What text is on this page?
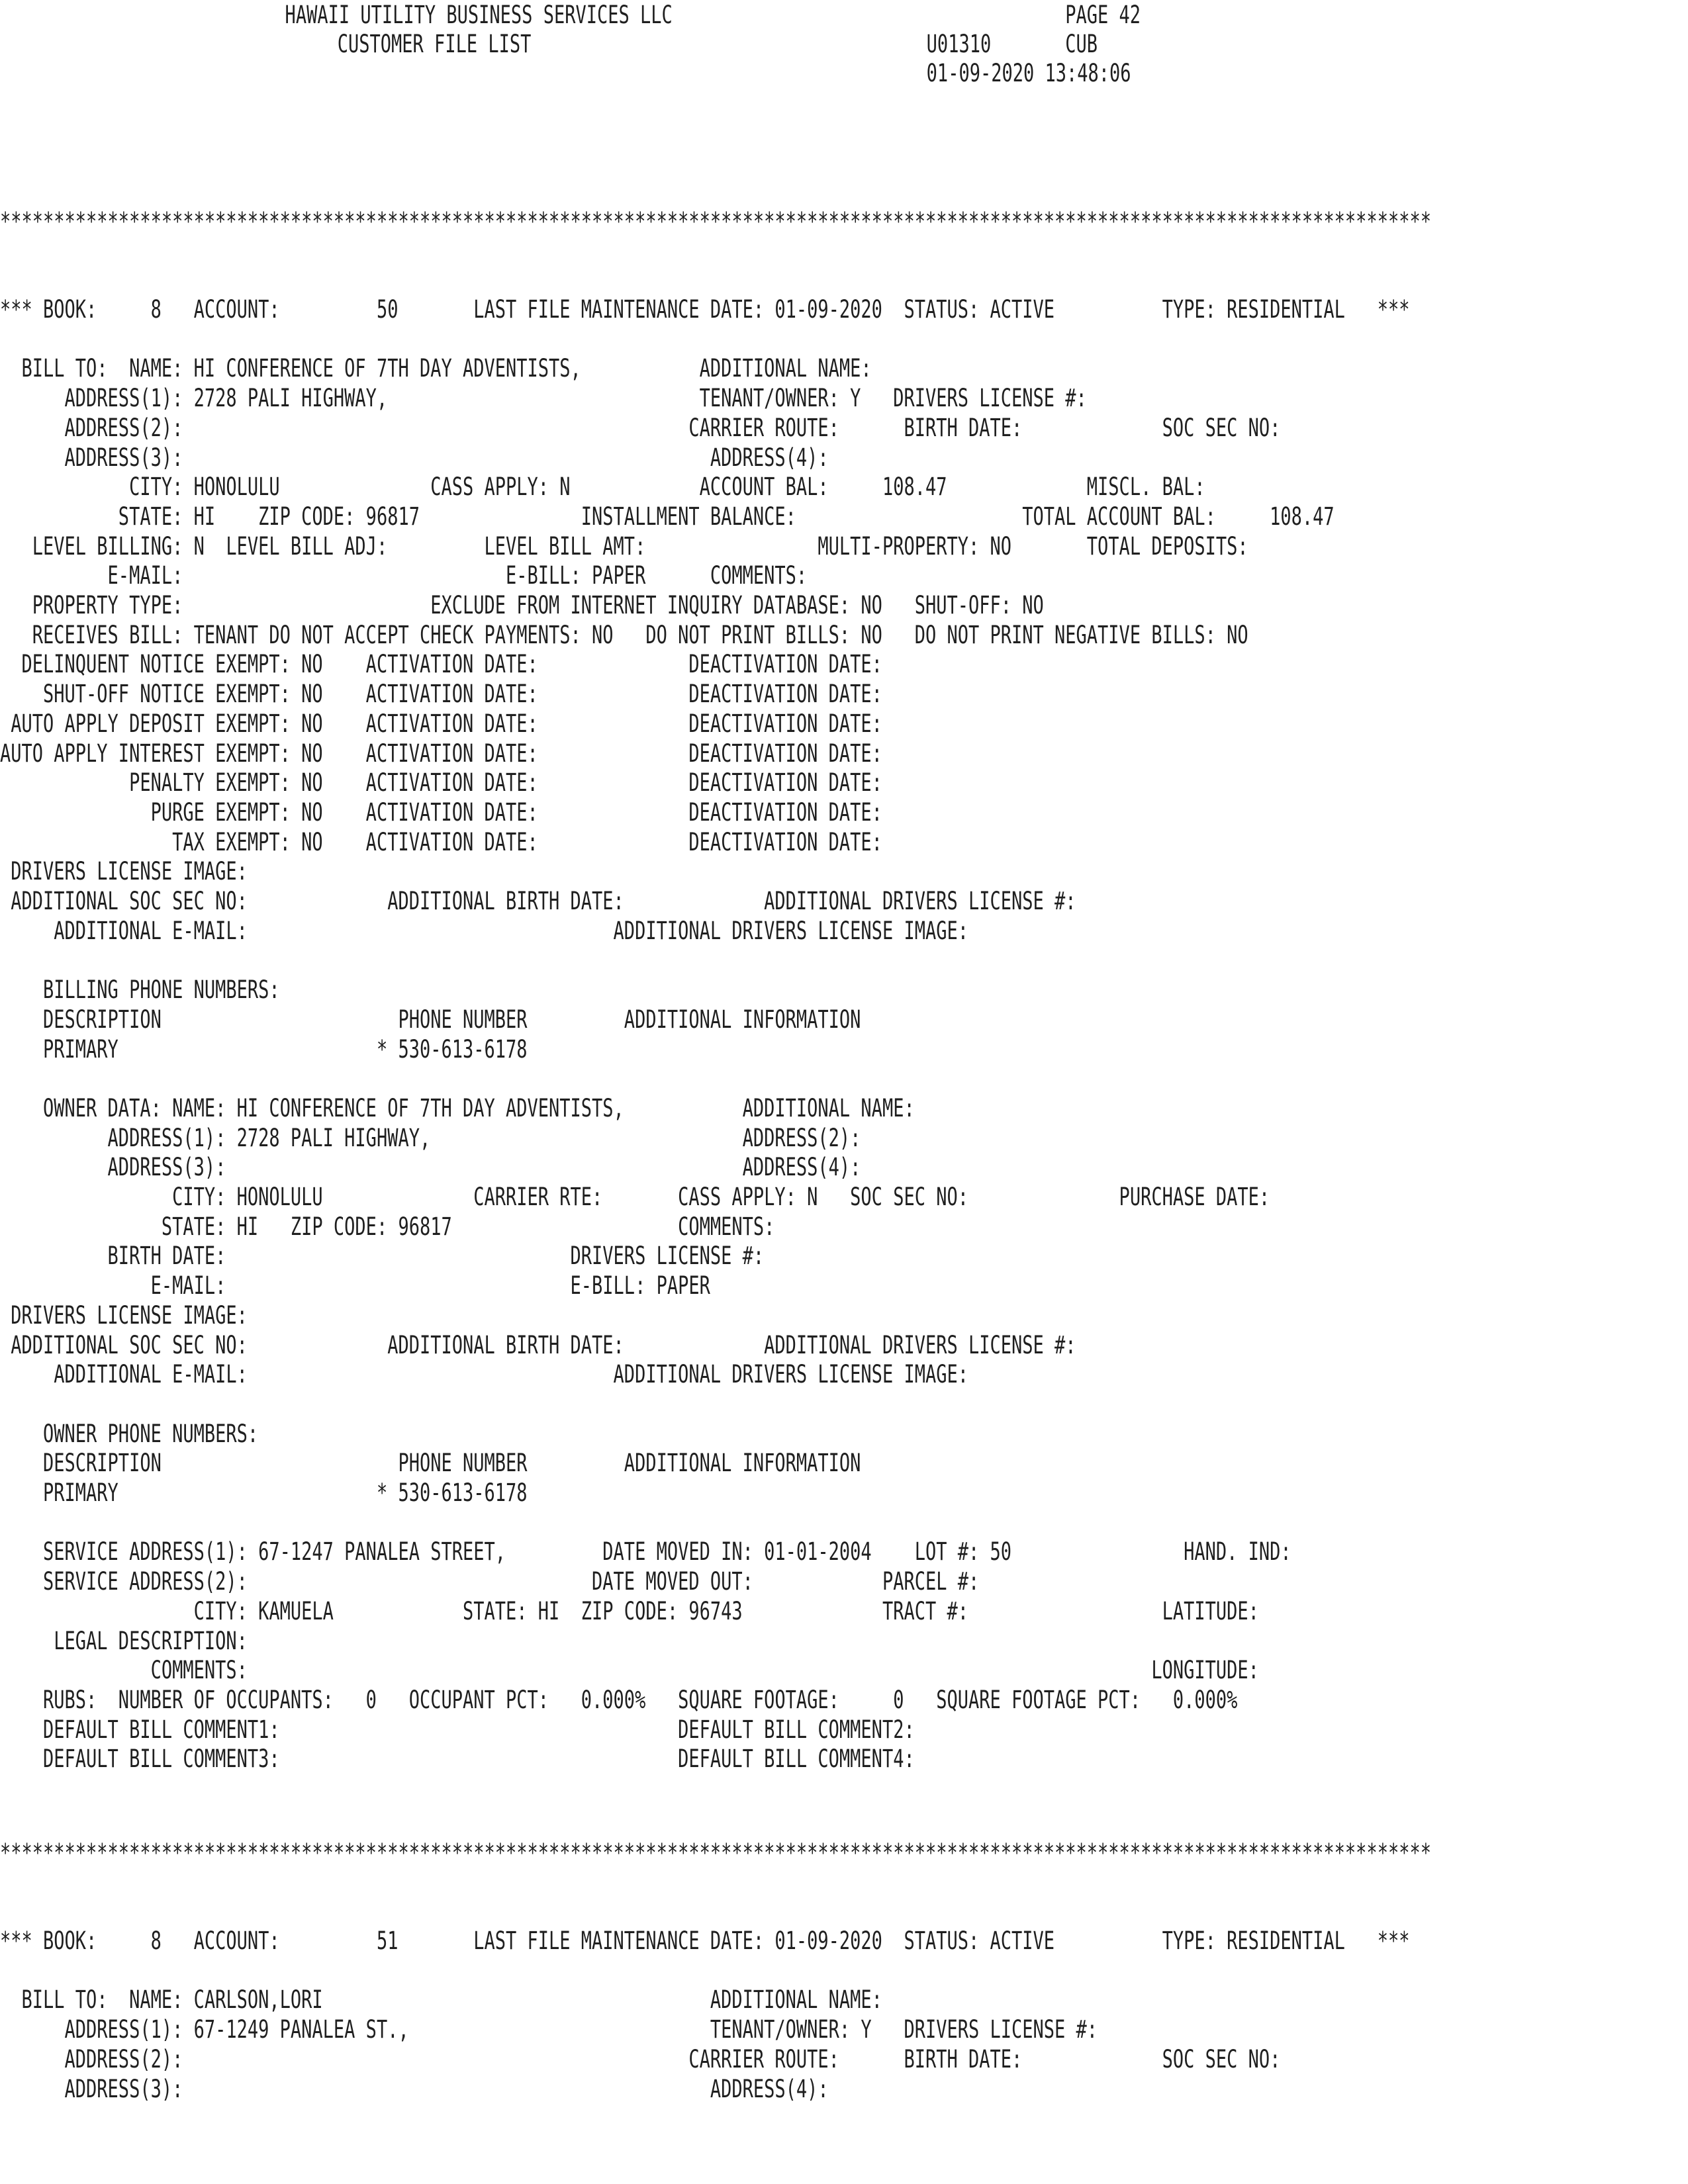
HAWAII UTILITY BUSINESS SERVICES LLC
CUSTOMER FILE LIST
PAGE 42
U01310	CUB
01-09-2020 13:48:06
*************************************************************************************************************************************
*** BOOK:     8   ACCOUNT:         50       LAST FILE MAINTENANCE DATE: 01-09-2020  STATUS: ACTIVE          TYPE: RESIDENTIAL   ***
BILL TO:  NAME: HI CONFERENCE OF 7TH DAY ADVENTISTS,           ADDITIONAL NAME:
ADDRESS(1): 2728 PALI HIGHWAY,                             TENANT/OWNER: Y   DRIVERS LICENSE #:
ADDRESS(2):                                               CARRIER ROUTE:      BIRTH DATE:             SOC SEC NO:
ADDRESS(3):                                                 ADDRESS(4):
CITY: HONOLULU              CASS APPLY: N            ACCOUNT BAL:     108.47             MISCL. BAL:
STATE: HI    ZIP CODE: 96817               INSTALLMENT BALANCE:                     TOTAL ACCOUNT BAL:     108.47
LEVEL BILLING: N  LEVEL BILL ADJ:         LEVEL BILL AMT:                MULTI-PROPERTY: NO       TOTAL DEPOSITS:
E-MAIL:                              E-BILL: PAPER      COMMENTS:
PROPERTY TYPE:                       EXCLUDE FROM INTERNET INQUIRY DATABASE: NO   SHUT-OFF: NO
RECEIVES BILL: TENANT DO NOT ACCEPT CHECK PAYMENTS: NO   DO NOT PRINT BILLS: NO   DO NOT PRINT NEGATIVE BILLS: NO
DELINQUENT NOTICE EXEMPT: NO    ACTIVATION DATE:              DEACTIVATION DATE:
SHUT-OFF NOTICE EXEMPT: NO    ACTIVATION DATE:              DEACTIVATION DATE:
AUTO APPLY DEPOSIT EXEMPT: NO    ACTIVATION DATE:              DEACTIVATION DATE:
AUTO APPLY INTEREST EXEMPT: NO    ACTIVATION DATE:              DEACTIVATION DATE:
PENALTY EXEMPT: NO    ACTIVATION DATE:              DEACTIVATION DATE:
PURGE EXEMPT: NO    ACTIVATION DATE:              DEACTIVATION DATE:
TAX EXEMPT: NO    ACTIVATION DATE:              DEACTIVATION DATE:
DRIVERS LICENSE IMAGE:
ADDITIONAL SOC SEC NO:             ADDITIONAL BIRTH DATE:             ADDITIONAL DRIVERS LICENSE #:
ADDITIONAL E-MAIL:                                  ADDITIONAL DRIVERS LICENSE IMAGE:
BILLING PHONE NUMBERS:
DESCRIPTION                      PHONE NUMBER         ADDITIONAL INFORMATION
PRIMARY                        * 530-613-6178
OWNER DATA: NAME: HI CONFERENCE OF 7TH DAY ADVENTISTS,           ADDITIONAL NAME:
ADDRESS(1): 2728 PALI HIGHWAY,                             ADDRESS(2):
ADDRESS(3):                                                ADDRESS(4):
CITY: HONOLULU              CARRIER RTE:       CASS APPLY: N   SOC SEC NO:              PURCHASE DATE:
STATE: HI   ZIP CODE: 96817                     COMMENTS:
BIRTH DATE:                                DRIVERS LICENSE #:
E-MAIL:                                E-BILL: PAPER
DRIVERS LICENSE IMAGE:
ADDITIONAL SOC SEC NO:             ADDITIONAL BIRTH DATE:             ADDITIONAL DRIVERS LICENSE #:
ADDITIONAL E-MAIL:                                  ADDITIONAL DRIVERS LICENSE IMAGE:
OWNER PHONE NUMBERS:
DESCRIPTION                      PHONE NUMBER         ADDITIONAL INFORMATION
PRIMARY                        * 530-613-6178
SERVICE ADDRESS(1): 67-1247 PANALEA STREET,         DATE MOVED IN: 01-01-2004    LOT #: 50                HAND. IND:
SERVICE ADDRESS(2):                                DATE MOVED OUT:            PARCEL #:
CITY: KAMUELA            STATE: HI  ZIP CODE: 96743             TRACT #:                  LATITUDE:
LEGAL DESCRIPTION:
COMMENTS:                                                                                    LONGITUDE:
RUBS:  NUMBER OF OCCUPANTS:   0   OCCUPANT PCT:   0.000%   SQUARE FOOTAGE:     0   SQUARE FOOTAGE PCT:   0.000%
DEFAULT BILL COMMENT1:                                     DEFAULT BILL COMMENT2:
DEFAULT BILL COMMENT3:                                     DEFAULT BILL COMMENT4:
*************************************************************************************************************************************
*** BOOK:     8   ACCOUNT:         51       LAST FILE MAINTENANCE DATE: 01-09-2020  STATUS: ACTIVE          TYPE: RESIDENTIAL   ***
BILL TO:  NAME: CARLSON,LORI                                    ADDITIONAL NAME:
ADDRESS(1): 67-1249 PANALEA ST.,                            TENANT/OWNER: Y   DRIVERS LICENSE #:
ADDRESS(2):                                               CARRIER ROUTE:      BIRTH DATE:             SOC SEC NO:
ADDRESS(3):                                                 ADDRESS(4):
